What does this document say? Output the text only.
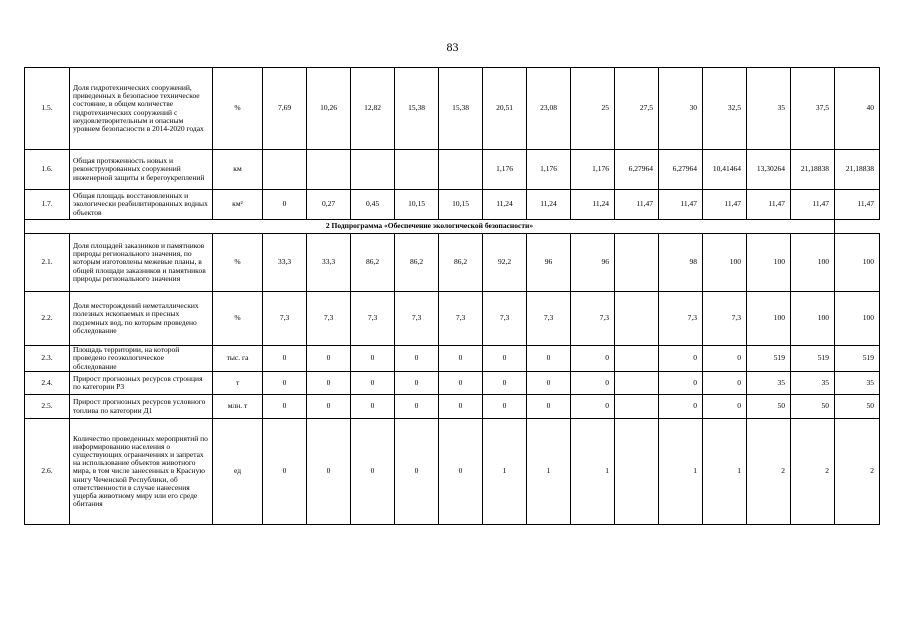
83
1.5.	Доля гидротехнических сооружений, приведенных в безопасное техническое состояние, в общем количестве гидротехнических сооружений с неудовлетворительным и опасным уровнем безопасности в 2014-2020 годах	%	7,69	10,26	12,82	15,38	15,38	20,51	23,08	25	27,5	30	32,5	35	37,5	40
1.6.	Общая протяженность новых и реконструированных сооружений инженерной защиты и берегоукреплений	км						1,176	1,176	1,176	6,27964	6,27964	10,41464	13,30264	21,18838	21,18838
1.7.	Общая площадь восстановленных и экологически реабилитированных водных объектов	км²	0	0,27	0,45	10,15	10,15	11,24	11,24	11,24	11,47	11,47	11,47	11,47	11,47	11,47
2 Подпрограмма «Обеспечение экологической безопасности»																
2.1.	Доля площадей заказников и памятников природы регионального значения, по которым изготовлены межевые планы, в общей площади заказников и памятников природы регионального значения	%	33,3	33,3	86,2	86,2	86,2	92,2	96	96		98	100	100	100	100
2.2.	Доля месторождений неметаллических полезных ископаемых и пресных подземных вод, по которым проведено обследование	%	7,3	7,3	7,3	7,3	7,3	7,3	7,3	7,3		7,3	7,3	100	100	100
2.3.	Площадь территории, на которой проведено геоэкологическое обследование	тыс. га	0	0	0	0	0	0	0	0		0	0	519	519	519
2.4.	Прирост прогнозных ресурсов стронция по категории Р3	т	0	0	0	0	0	0	0	0		0	0	35	35	35
2.5.	Прирост прогнозных ресурсов условного топлива по категории Д1	млн. т	0	0	0	0	0	0	0	0		0	0	50	50	50
2.6.	Количество проведенных мероприятий по информированию населения о существующих ограничениях и запретах на использование объектов животного мира, в том числе занесенных в Красную книгу Чеченской Республики, об ответственности в случае нанесения ущерба животному миру или его среде обитания	ед	0	0	0	0	0	1	1	1		1	1	2	2	2
